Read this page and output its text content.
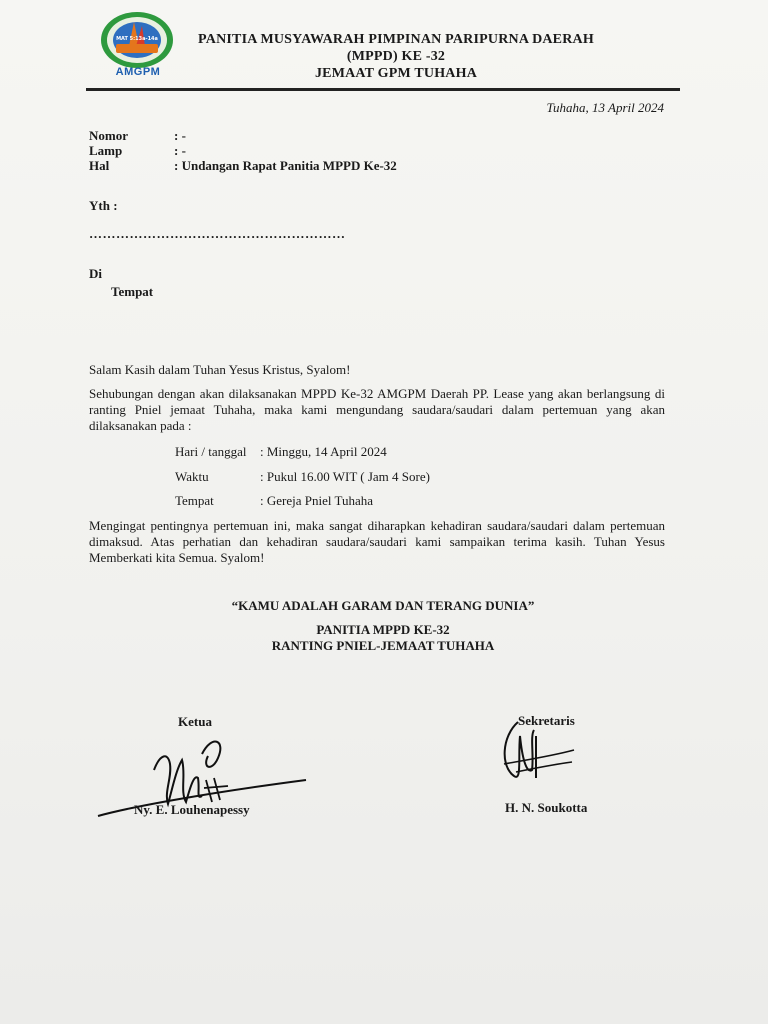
MAT 5:13a-14a
AMGPM
PANITIA MUSYAWARAH PIMPINAN PARIPURNA DAERAH
(MPPD) KE -32
JEMAAT GPM TUHAHA
Tuhaha, 13 April 2024
Nomor	: -
Lamp	: -
Hal	: Undangan Rapat Panitia MPPD Ke-32
Yth :
…………………………………………………
Di
Tempat
Salam Kasih dalam Tuhan Yesus Kristus, Syalom!
Sehubungan dengan akan dilaksanakan MPPD Ke-32 AMGPM Daerah PP. Lease yang akan berlangsung di ranting Pniel jemaat Tuhaha, maka kami mengundang saudara/saudari dalam pertemuan yang akan dilaksanakan pada :
Hari / tanggal : Minggu, 14 April 2024
Waktu	: Pukul 16.00 WIT ( Jam 4 Sore)
Tempat	: Gereja Pniel Tuhaha
Mengingat pentingnya pertemuan ini, maka sangat diharapkan kehadiran saudara/saudari dalam pertemuan dimaksud. Atas perhatian dan kehadiran saudara/saudari kami sampaikan terima kasih. Tuhan Yesus Memberkati kita Semua. Syalom!
“KAMU ADALAH GARAM DAN TERANG DUNIA”
PANITIA MPPD KE-32
RANTING PNIEL-JEMAAT TUHAHA
Ketua	Sekretaris
Ny. E. Louhenapessy	H. N. Soukotta
